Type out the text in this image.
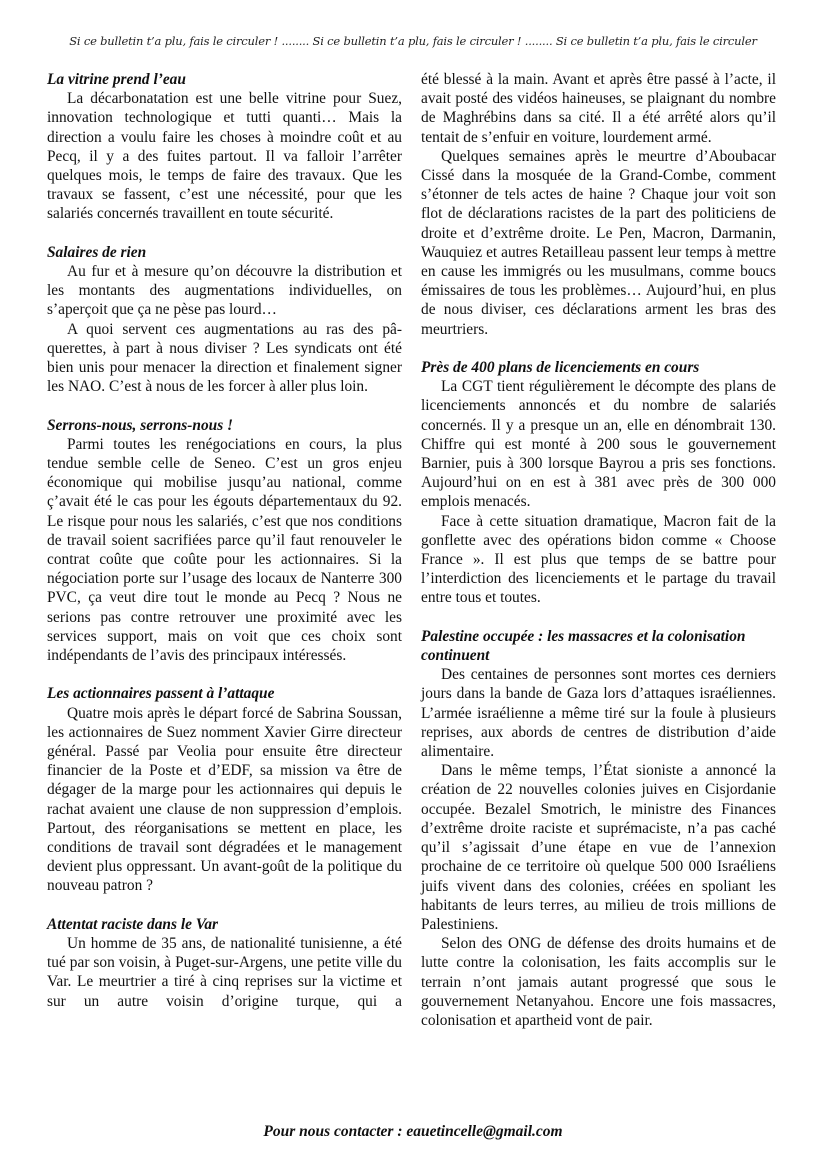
Si ce bulletin t’a plu, fais le circuler ! ........ Si ce bulletin t’a plu, fais le circuler ! ........ Si ce bulletin t’a plu, fais le circuler
La vitrine prend l’eau

La décarbonatation est une belle vitrine pour Suez, innovation technologique et tutti quanti… Mais la direction a voulu faire les choses à moindre coût et au Pecq, il y a des fuites partout. Il va falloir l’arrêter quelques mois, le temps de faire des travaux. Que les travaux se fassent, c’est une nécessité, pour que les salariés concernés travaillent en toute sécurité.

Salaires de rien

Au fur et à mesure qu’on découvre la distribution et les montants des augmentations individuelles, on s’aperçoit que ça ne pèse pas lourd…

A quoi servent ces augmentations au ras des pâquerettes, à part à nous diviser ? Les syndicats ont été bien unis pour menacer la direction et finalement signer les NAO. C’est à nous de les forcer à aller plus loin.

Serrons-nous, serrons-nous !

Parmi toutes les renégociations en cours, la plus tendue semble celle de Seneo. C’est un gros enjeu économique qui mobilise jusqu’au national, comme ç’avait été le cas pour les égouts départementaux du 92. Le risque pour nous les salariés, c’est que nos conditions de travail soient sacrifiées parce qu’il faut renouveler le contrat coûte que coûte pour les actionnaires. Si la négociation porte sur l’usage des locaux de Nanterre 300 PVC, ça veut dire tout le monde au Pecq ? Nous ne serions pas contre retrouver une proximité avec les services support, mais on voit que ces choix sont indépendants de l’avis des principaux intéressés.

Les actionnaires passent à l’attaque

Quatre mois après le départ forcé de Sabrina Soussan, les actionnaires de Suez nomment Xavier Girre directeur général. Passé par Veolia pour ensuite être directeur financier de la Poste et d’EDF, sa mission va être de dégager de la marge pour les actionnaires qui depuis le rachat avaient une clause de non suppression d’emplois. Partout, des réorganisations se mettent en place, les conditions de travail sont dégradées et le management devient plus oppressant. Un avant-goût de la politique du nouveau patron ?

Attentat raciste dans le Var

Un homme de 35 ans, de nationalité tunisienne, a été tué par son voisin, à Puget-sur-Argens, une petite ville du Var. Le meurtrier a tiré à cinq reprises sur la victime et sur un autre voisin d’origine turque, qui a

été blessé à la main. Avant et après être passé à l’acte, il avait posté des vidéos haineuses, se plaignant du nombre de Maghrébins dans sa cité. Il a été arrêté alors qu’il tentait de s’enfuir en voiture, lourdement armé.

Quelques semaines après le meurtre d’Aboubacar Cissé dans la mosquée de la Grand-Combe, comment s’étonner de tels actes de haine ? Chaque jour voit son flot de déclarations racistes de la part des politiciens de droite et d’extrême droite. Le Pen, Macron, Darmanin, Wauquiez et autres Retailleau passent leur temps à mettre en cause les immigrés ou les musulmans, comme boucs émissaires de tous les problèmes… Aujourd’hui, en plus de nous diviser, ces déclarations arment les bras des meurtriers.

Près de 400 plans de licenciements en cours

La CGT tient régulièrement le décompte des plans de licenciements annoncés et du nombre de salariés concernés. Il y a presque un an, elle en dénombrait 130. Chiffre qui est monté à 200 sous le gouvernement Barnier, puis à 300 lorsque Bayrou a pris ses fonctions. Aujourd’hui on en est à 381 avec près de 300 000 emplois menacés.

Face à cette situation dramatique, Macron fait de la gonflette avec des opérations bidon comme « Choose France ». Il est plus que temps de se battre pour l’interdiction des licenciements et le partage du travail entre tous et toutes.

Palestine occupée : les massacres et la colonisation continuent

Des centaines de personnes sont mortes ces derniers jours dans la bande de Gaza lors d’attaques israéliennes. L’armée israélienne a même tiré sur la foule à plusieurs reprises, aux abords de centres de distribution d’aide alimentaire.

Dans le même temps, l’État sioniste a annoncé la création de 22 nouvelles colonies juives en Cisjordanie occupée. Bezalel Smotrich, le ministre des Finances d’extrême droite raciste et suprémaciste, n’a pas caché qu’il s’agissait d’une étape en vue de l’annexion prochaine de ce territoire où quelque 500 000 Israéliens juifs vivent dans des colonies, créées en spoliant les habitants de leurs terres, au milieu de trois millions de Palestiniens.

Selon des ONG de défense des droits humains et de lutte contre la colonisation, les faits accomplis sur le terrain n’ont jamais autant progressé que sous le gouvernement Netanyahou. Encore une fois massacres, colonisation et apartheid vont de pair.

Pour nous contacter : eauetincelle@gmail.com
